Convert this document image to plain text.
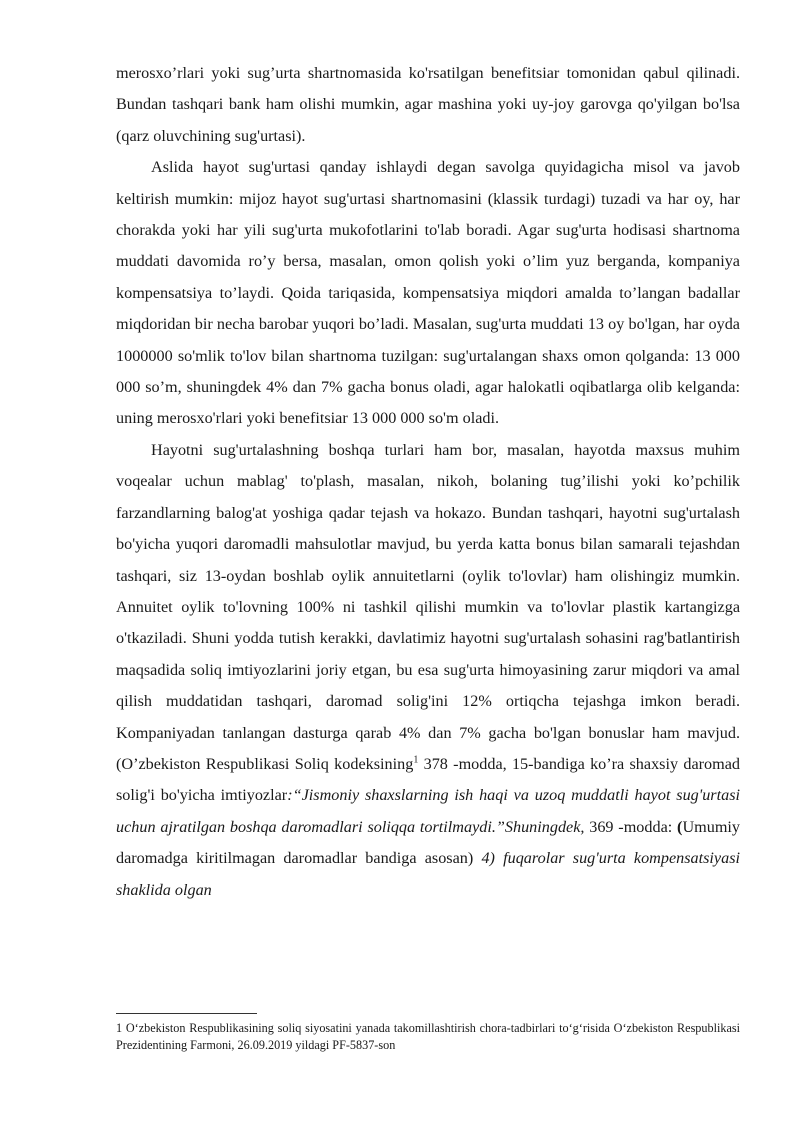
merosxo’rlari yoki sug’urta shartnomasida ko'rsatilgan benefitsiar tomonidan qabul qilinadi. Bundan tashqari bank ham olishi mumkin, agar mashina yoki uy-joy garovga qo'yilgan bo'lsa (qarz oluvchining sug'urtasi).

Aslida hayot sug'urtasi qanday ishlaydi degan savolga quyidagicha misol va javob keltirish mumkin: mijoz hayot sug'urtasi shartnomasini (klassik turdagi) tuzadi va har oy, har chorakda yoki har yili sug'urta mukofotlarini to'lab boradi. Agar sug'urta hodisasi shartnoma muddati davomida ro’y bersa, masalan, omon qolish yoki o’lim yuz berganda, kompaniya kompensatsiya to’laydi. Qoida tariqasida, kompensatsiya miqdori amalda to’langan badallar miqdoridan bir necha barobar yuqori bo’ladi. Masalan, sug'urta muddati 13 oy bo'lgan, har oyda 1000000 so'mlik to'lov bilan shartnoma tuzilgan: sug'urtalangan shaxs omon qolganda: 13 000 000 so’m, shuningdek 4% dan 7% gacha bonus oladi, agar halokatli oqibatlarga olib kelganda: uning merosxo'rlari yoki benefitsiar 13 000 000 so'm oladi.

Hayotni sug'urtalashning boshqa turlari ham bor, masalan, hayotda maxsus muhim voqealar uchun mablag' to'plash, masalan, nikoh, bolaning tug’ilishi yoki ko’pchilik farzandlarning balog'at yoshiga qadar tejash va hokazo. Bundan tashqari, hayotni sug'urtalash bo'yicha yuqori daromadli mahsulotlar mavjud, bu yerda katta bonus bilan samarali tejashdan tashqari, siz 13-oydan boshlab oylik annuitetlarni (oylik to'lovlar) ham olishingiz mumkin. Annuitet oylik to'lovning 100% ni tashkil qilishi mumkin va to'lovlar plastik kartangizga o'tkaziladi. Shuni yodda tutish kerakki, davlatimiz hayotni sug'urtalash sohasini rag'batlantirish maqsadida soliq imtiyozlarini joriy etgan, bu esa sug'urta himoyasining zarur miqdori va amal qilish muddatidan tashqari, daromad solig'ini 12% ortiqcha tejashga imkon beradi. Kompaniyadan tanlangan dasturga qarab 4% dan 7% gacha bo'lgan bonuslar ham mavjud. (O’zbekiston Respublikasi Soliq kodeksining$^1$ 378 -modda, 15-bandiga ko’ra shaxsiy daromad solig'i bo'yicha imtiyozlar:“Jismoniy shaxslarning ish haqi va uzoq muddatli hayot sug'urtasi uchun ajratilgan boshqa daromadlari soliqqa tortilmaydi.”Shuningdek, 369 -modda: (Umumiy daromadga kiritilmagan daromadlar bandiga asosan) 4) fuqarolar sug'urta kompensatsiyasi shaklida olgan

1 O‘zbekiston Respublikasining soliq siyosatini yanada takomillashtirish chora-tadbirlari to‘g‘risida O‘zbekiston Respublikasi Prezidentining Farmoni, 26.09.2019 yildagi PF-5837-son
